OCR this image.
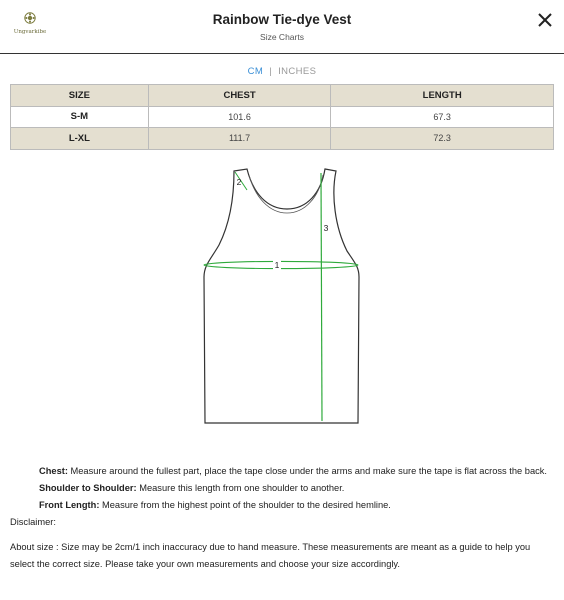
Ungvarkibe
Rainbow Tie-dye Vest
Size Charts
CM | INCHES
SIZE	CHEST	LENGTH
S-M	101.6	67.3
L-XL	111.7	72.3
1
2
3

Chest: Measure around the fullest part, place the tape close under the arms and make sure the tape is flat across the back.

Shoulder to Shoulder: Measure this length from one shoulder to another.

Front Length: Measure from the highest point of the shoulder to the desired hemline.

Disclaimer:

About size : Size may be 2cm/1 inch inaccuracy due to hand measure. These measurements are meant as a guide to help you select the correct size. Please take your own measurements and choose your size accordingly.
